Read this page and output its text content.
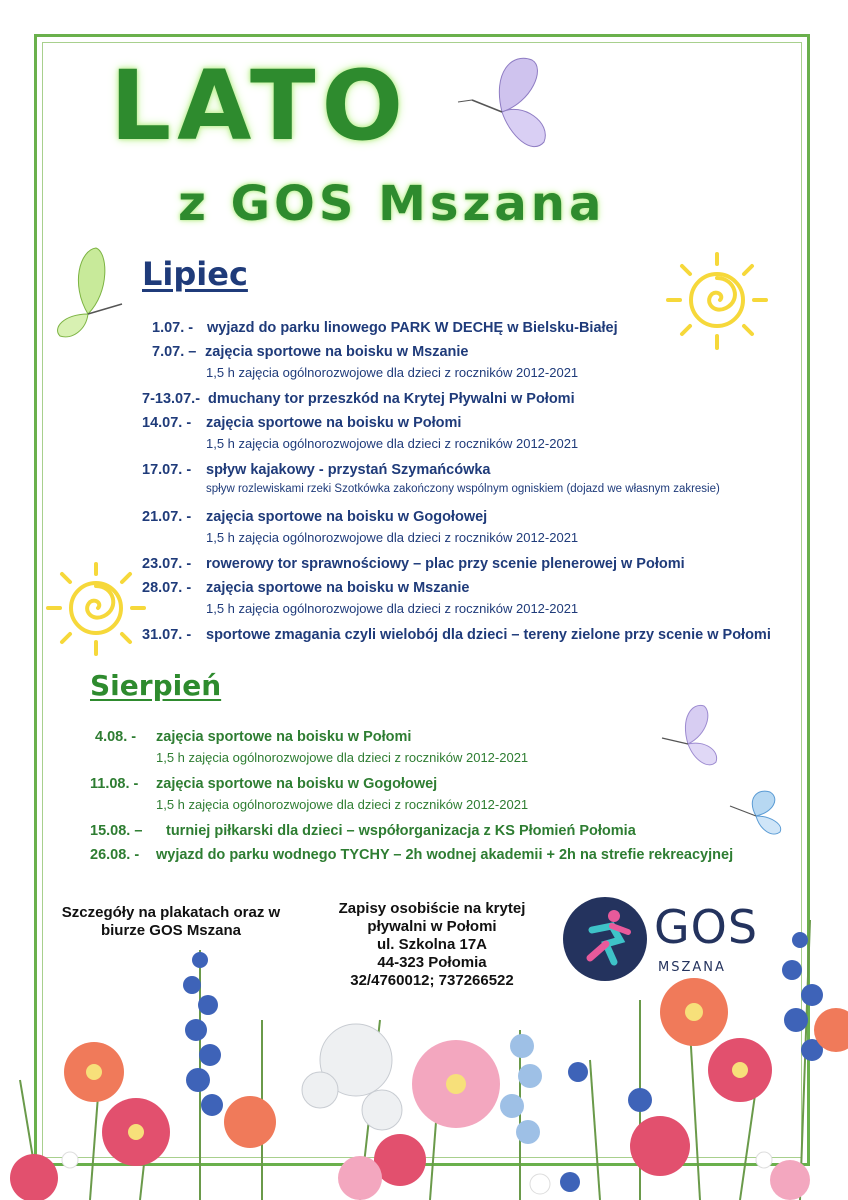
LATO
z GOS Mszana
Lipiec
1.07. - wyjazd do parku linowego PARK W DECHĘ w Bielsku-Białej
7.07. – zajęcia sportowe na boisku w Mszanie
1,5 h zajęcia ogólnorozwojowe dla dzieci z roczników 2012-2021
7-13.07.- dmuchany tor przeszkód na Krytej Pływalni w Połomi
14.07. - zajęcia sportowe na boisku w Połomi
1,5 h zajęcia ogólnorozwojowe dla dzieci z roczników 2012-2021
17.07. - spływ kajakowy - przystań Szymańcówka
spływ rozlewiskami rzeki Szotkówka zakończony wspólnym ogniskiem (dojazd we własnym zakresie)
21.07. - zajęcia sportowe na boisku w Gogołowej
1,5 h zajęcia ogólnorozwojowe dla dzieci z roczników 2012-2021
23.07. - rowerowy tor sprawnościowy – plac przy scenie plenerowej w Połomi
28.07. - zajęcia sportowe na boisku w Mszanie
1,5 h zajęcia ogólnorozwojowe dla dzieci z roczników 2012-2021
31.07. - sportowe zmagania czyli wielobój dla dzieci – tereny zielone przy scenie w Połomi
Sierpień
4.08. - zajęcia sportowe na boisku w Połomi
1,5 h zajęcia ogólnorozwojowe dla dzieci z roczników 2012-2021
11.08. - zajęcia sportowe na boisku w Gogołowej
1,5 h zajęcia ogólnorozwojowe dla dzieci z roczników 2012-2021
15.08. – turniej piłkarski dla dzieci – współorganizacja z KS Płomień Połomia
26.08. - wyjazd do parku wodnego TYCHY – 2h wodnej akademii + 2h na strefie rekreacyjnej
Szczegóły na plakatach oraz w
biurze GOS Mszana
Zapisy osobiście na krytej
pływalni w Połomi
ul. Szkolna 17A
44-323 Połomia
32/4760012; 737266522
GOS
MSZANA
